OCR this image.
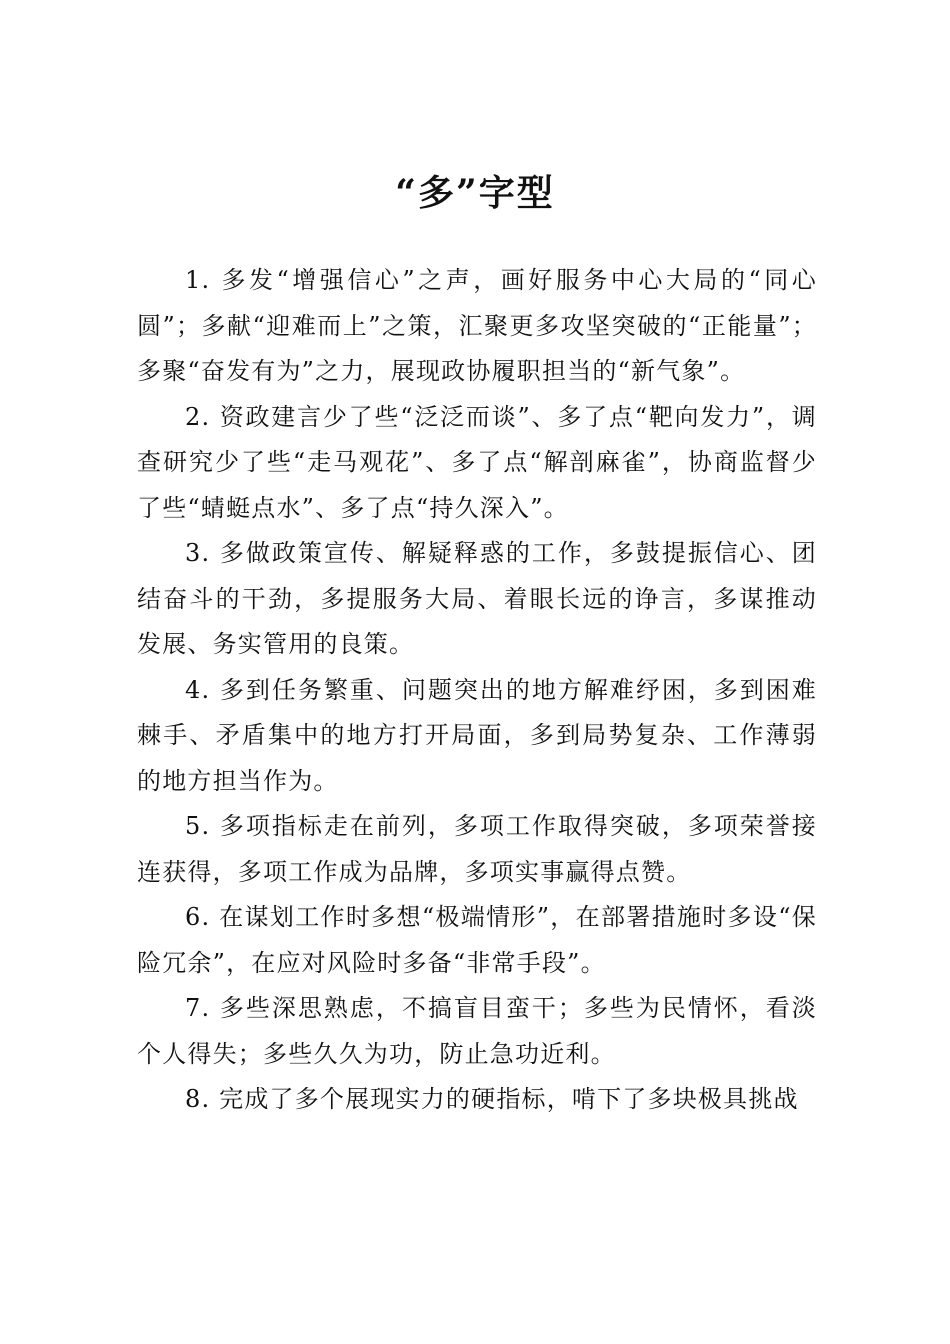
“多”字型

1. 多发“增强信心”之声，画好服务中心大局的“同心圆”；多献“迎难而上”之策，汇聚更多攻坚突破的“正能量”；多聚“奋发有为”之力，展现政协履职担当的“新气象”。

2. 资政建言少了些“泛泛而谈”、多了点“靶向发力”，调查研究少了些“走马观花”、多了点“解剖麻雀”，协商监督少了些“蜻蜓点水”、多了点“持久深入”。

3. 多做政策宣传、解疑释惑的工作，多鼓提振信心、团结奋斗的干劲，多提服务大局、着眼长远的诤言，多谋推动发展、务实管用的良策。

4. 多到任务繁重、问题突出的地方解难纾困，多到困难棘手、矛盾集中的地方打开局面，多到局势复杂、工作薄弱的地方担当作为。

5. 多项指标走在前列，多项工作取得突破，多项荣誉接连获得，多项工作成为品牌，多项实事赢得点赞。

6. 在谋划工作时多想“极端情形”，在部署措施时多设“保险冗余”，在应对风险时多备“非常手段”。

7. 多些深思熟虑，不搞盲目蛮干；多些为民情怀，看淡个人得失；多些久久为功，防止急功近利。

8. 完成了多个展现实力的硬指标，啃下了多块极具挑战
